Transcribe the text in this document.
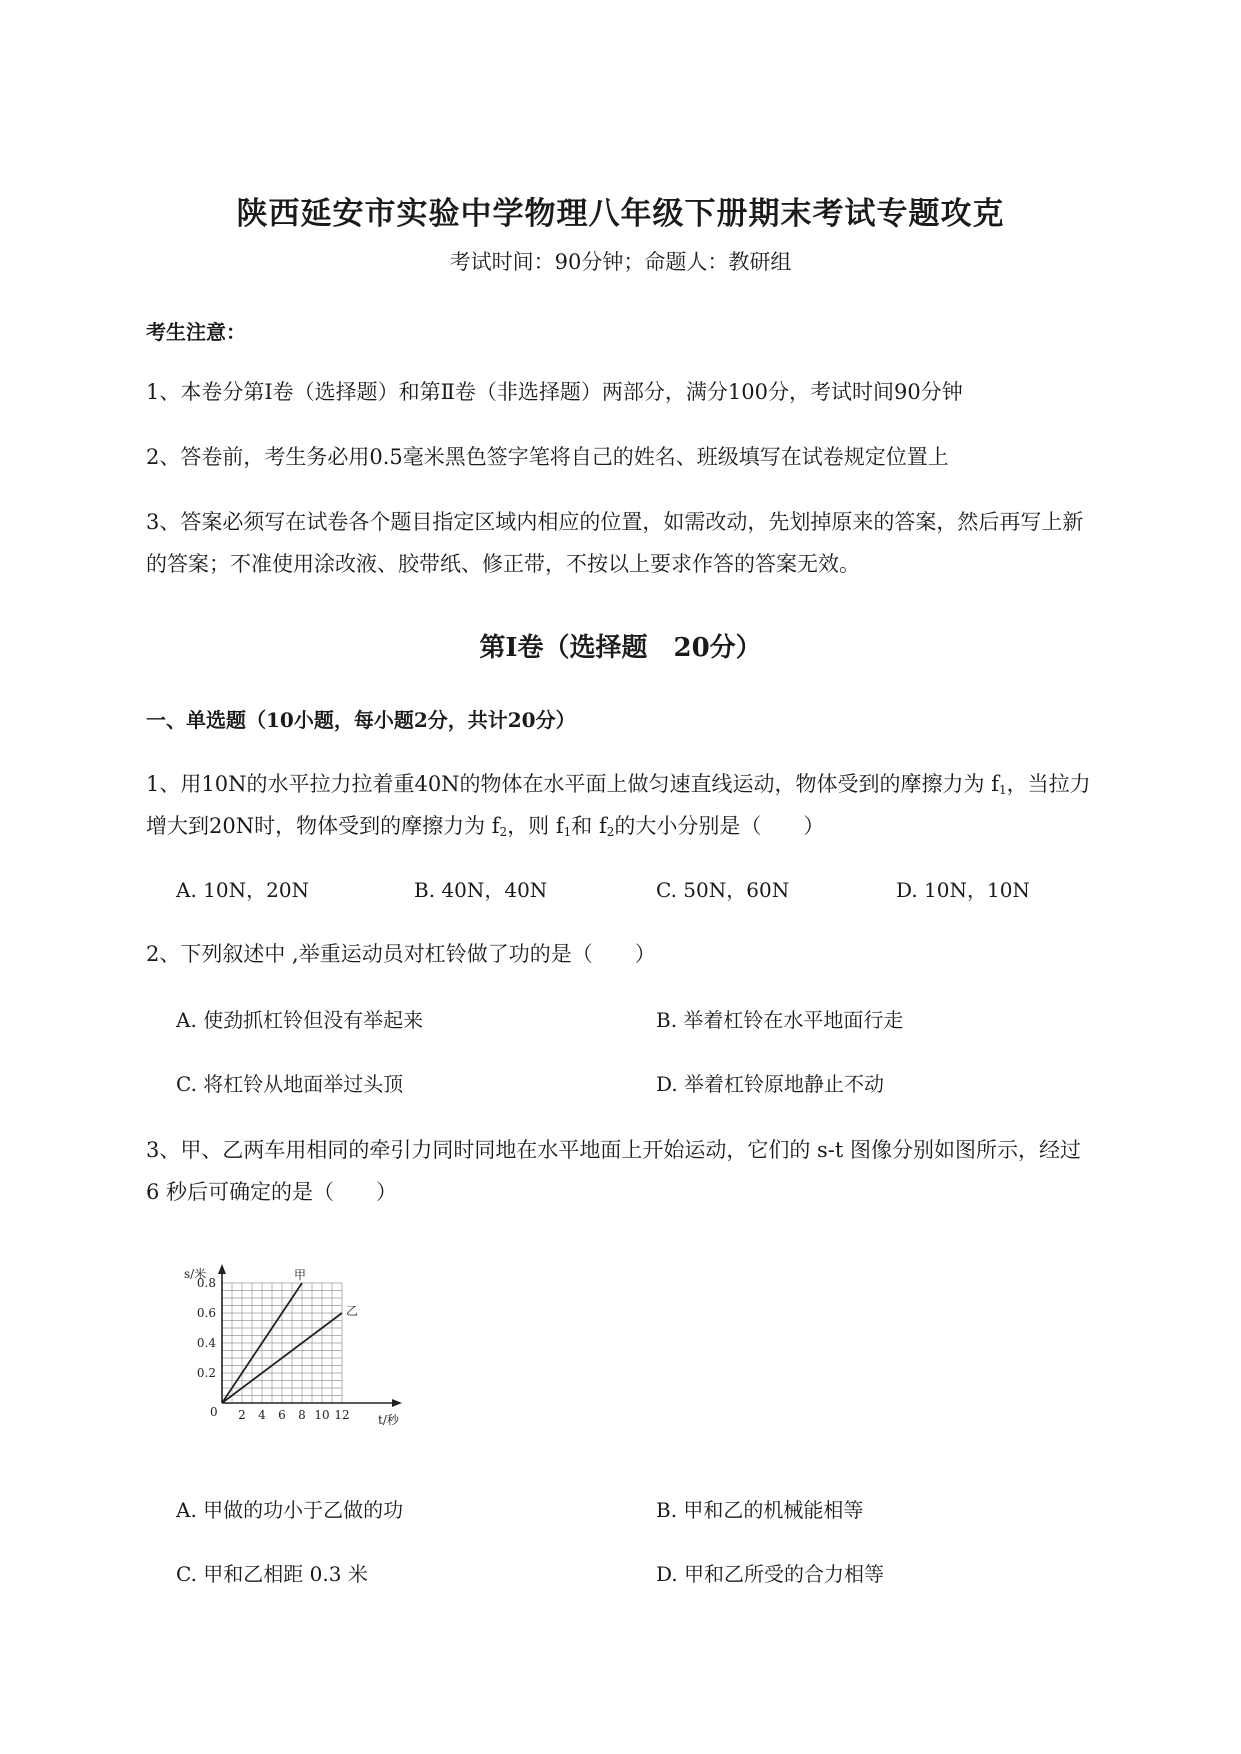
陕西延安市实验中学物理八年级下册期末考试专题攻克
考试时间：90分钟；命题人：教研组
考生注意：
1、本卷分第Ⅰ卷（选择题）和第Ⅱ卷（非选择题）两部分，满分100分，考试时间90分钟
2、答卷前，考生务必用0.5毫米黑色签字笔将自己的姓名、班级填写在试卷规定位置上
3、答案必须写在试卷各个题目指定区域内相应的位置，如需改动，先划掉原来的答案，然后再写上新
的答案；不准使用涂改液、胶带纸、修正带，不按以上要求作答的答案无效。
第Ⅰ卷（选择题　20分）
一、单选题（10小题，每小题2分，共计20分）
1、用10N的水平拉力拉着重40N的物体在水平面上做匀速直线运动，物体受到的摩擦力为 $f_1$，当拉力
增大到20N时，物体受到的摩擦力为 $f_2$，则 $f_1$和 $f_2$的大小分别是（　　）
A. 10N，20N	B. 40N，40N	C. 50N，60N	D. 10N，10N
2、下列叙述中 ,举重运动员对杠铃做了功的是（　　）
A. 使劲抓杠铃但没有举起来	B. 举着杠铃在水平地面行走
C. 将杠铃从地面举过头顶	D. 举着杠铃原地静止不动
3、甲、乙两车用相同的牵引力同时同地在水平地面上开始运动，它们的 s-t 图像分别如图所示，经过
6 秒后可确定的是（　　）
2 4 6 8 10 12
0.2
0.4
0.6
0.8
甲
乙
s/米
t/秒
0
A. 甲做的功小于乙做的功	B. 甲和乙的机械能相等
C. 甲和乙相距 0.3 米	D. 甲和乙所受的合力相等
